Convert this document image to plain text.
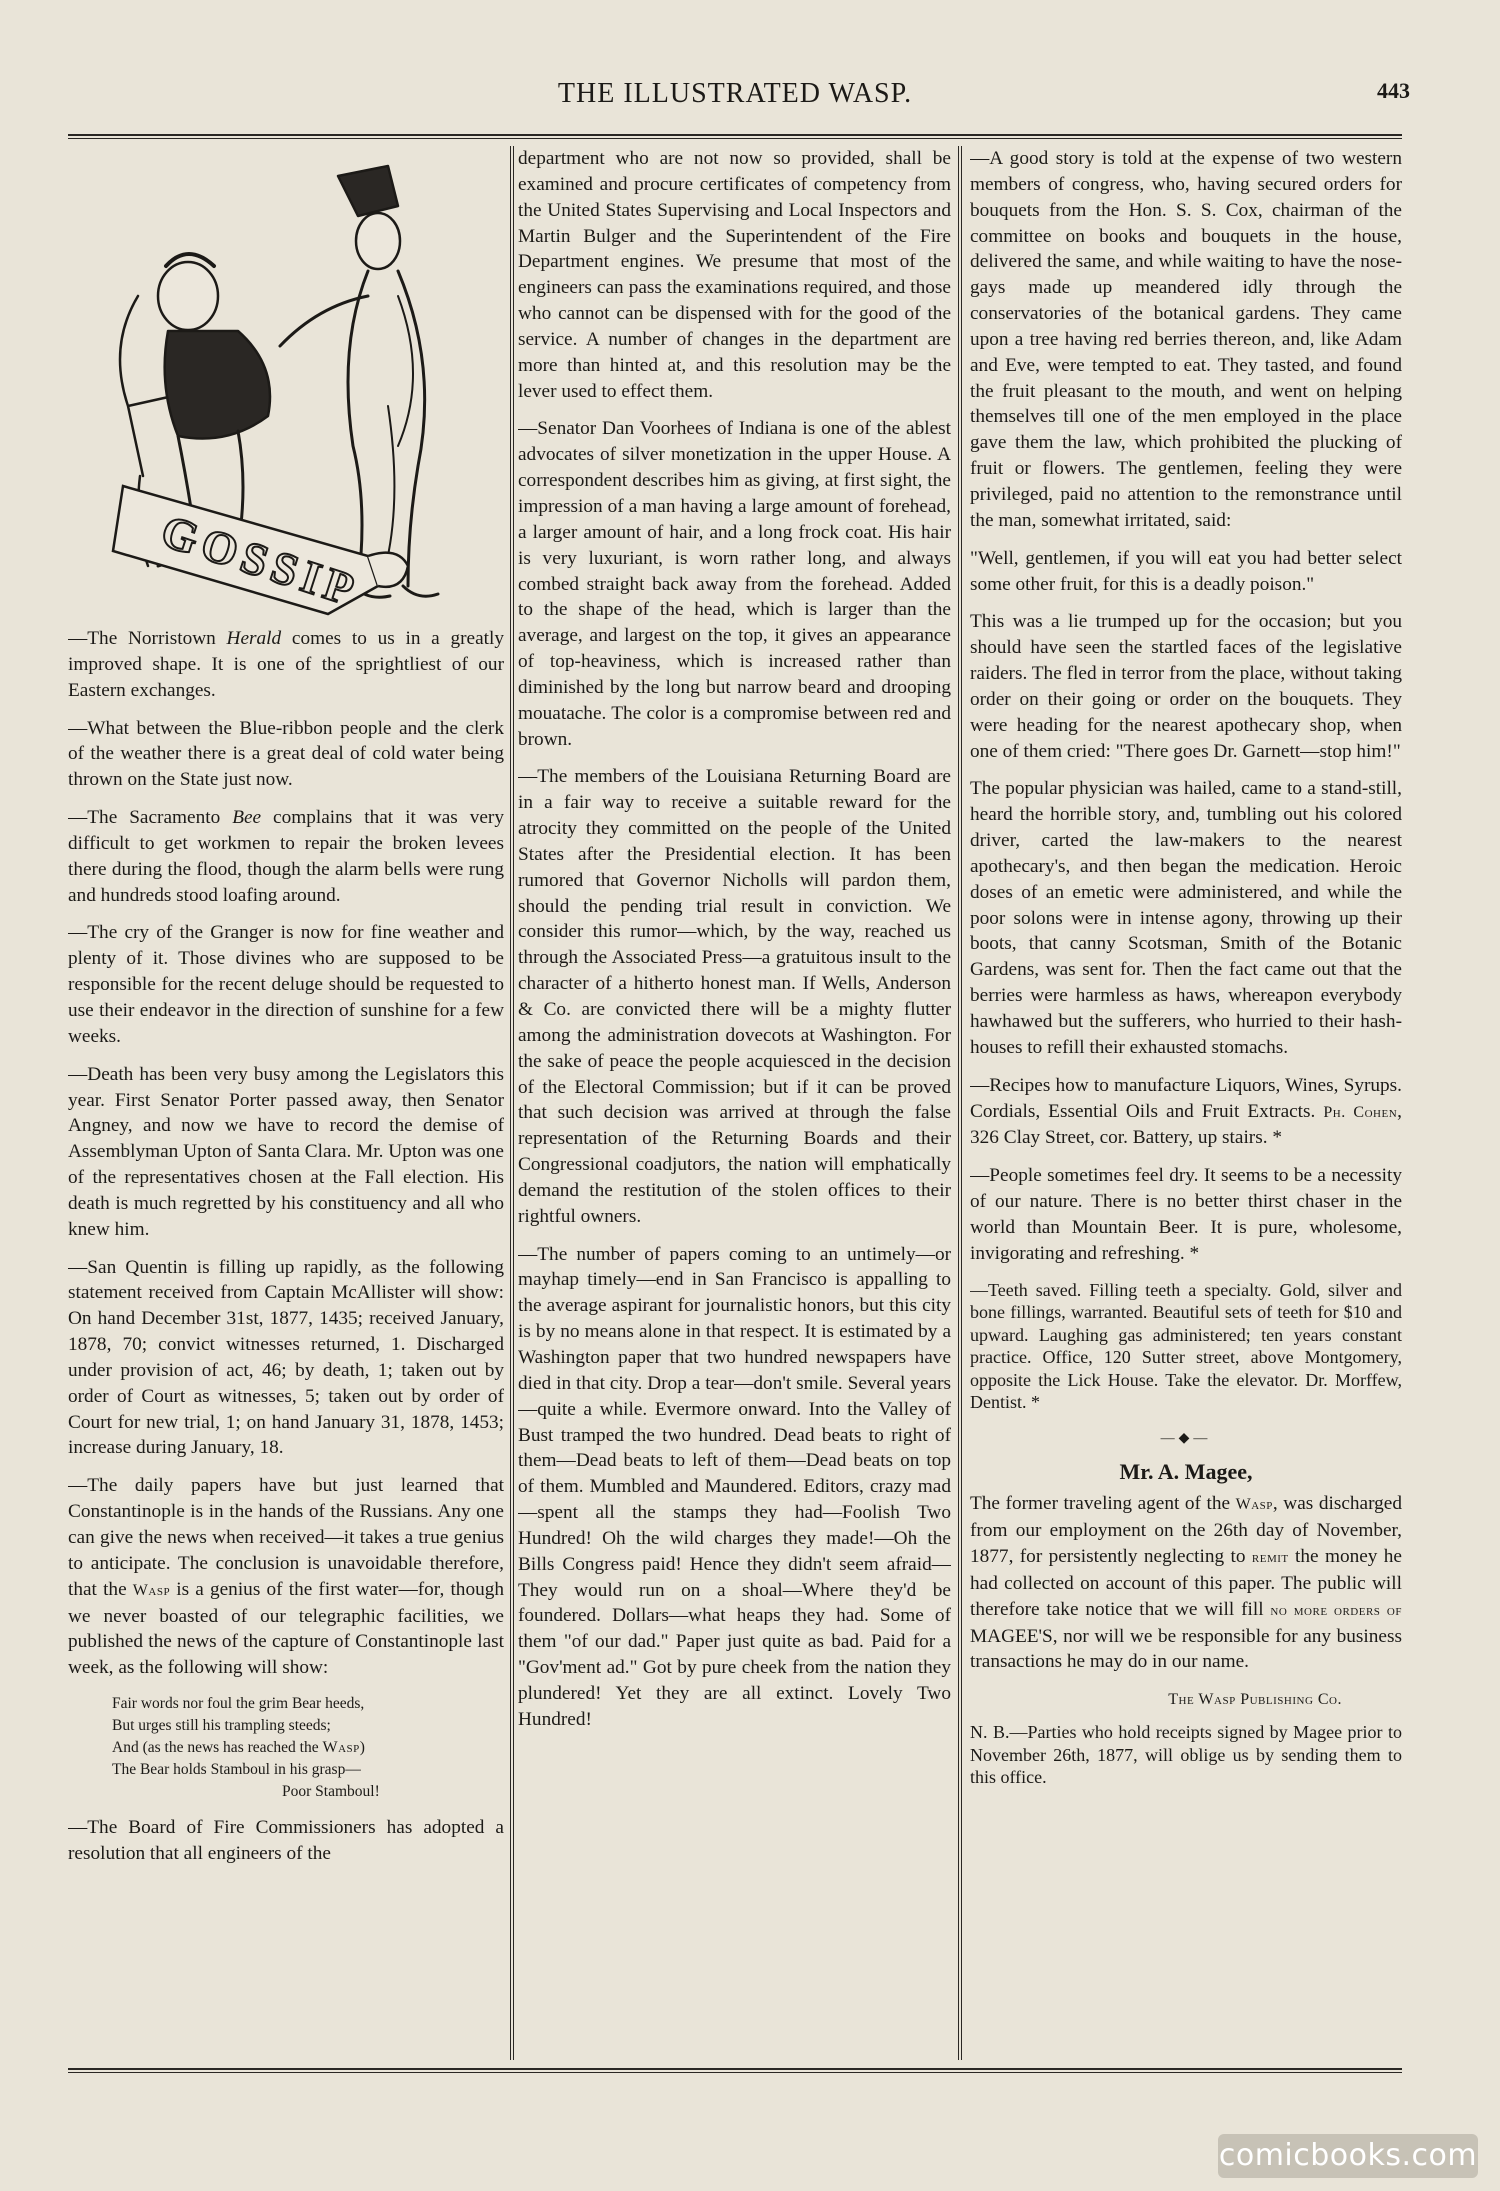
THE ILLUSTRATED WASP.	443
GOSSIP

—The Norristown Herald comes to us in a greatly improved shape. It is one of the sprightliest of our Eastern exchanges.

—What between the Blue-ribbon people and the clerk of the weather there is a great deal of cold water being thrown on the State just now.

—The Sacramento Bee complains that it was very difficult to get workmen to repair the broken levees there during the flood, though the alarm bells were rung and hundreds stood loafing around.

—The cry of the Granger is now for fine weather and plenty of it. Those divines who are supposed to be responsible for the recent deluge should be requested to use their endeavor in the direction of sunshine for a few weeks.

—Death has been very busy among the Legislators this year. First Senator Porter passed away, then Senator Angney, and now we have to record the demise of Assemblyman Upton of Santa Clara. Mr. Upton was one of the representatives chosen at the Fall election. His death is much regretted by his constituency and all who knew him.

—San Quentin is filling up rapidly, as the following statement received from Captain McAllister will show: On hand December 31st, 1877, 1435; received January, 1878, 70; convict witnesses returned, 1. Discharged under provision of act, 46; by death, 1; taken out by order of Court as witnesses, 5; taken out by order of Court for new trial, 1; on hand January 31, 1878, 1453; increase during January, 18.

—The daily papers have but just learned that Constantinople is in the hands of the Russians. Any one can give the news when received—it takes a true genius to anticipate. The conclusion is unavoidable therefore, that the Wasp is a genius of the first water—for, though we never boasted of our telegraphic facilities, we published the news of the capture of Constantinople last week, as the following will show:

Fair words nor foul the grim Bear heeds,
But urges still his trampling steeds;
And (as the news has reached the Wasp)
The Bear holds Stamboul in his grasp—
Poor Stamboul!

—The Board of Fire Commissioners has adopted a resolution that all engineers of the

department who are not now so provided, shall be examined and procure certificates of competency from the United States Supervising and Local Inspectors and Martin Bulger and the Superintendent of the Fire Department engines. We presume that most of the engineers can pass the examinations required, and those who cannot can be dispensed with for the good of the service. A number of changes in the department are more than hinted at, and this resolution may be the lever used to effect them.

—Senator Dan Voorhees of Indiana is one of the ablest advocates of silver monetization in the upper House. A correspondent describes him as giving, at first sight, the impression of a man having a large amount of forehead, a larger amount of hair, and a long frock coat. His hair is very luxuriant, is worn rather long, and always combed straight back away from the forehead. Added to the shape of the head, which is larger than the average, and largest on the top, it gives an appearance of top-heaviness, which is increased rather than diminished by the long but narrow beard and drooping mouatache. The color is a compromise between red and brown.

—The members of the Louisiana Returning Board are in a fair way to receive a suitable reward for the atrocity they committed on the people of the United States after the Presidential election. It has been rumored that Governor Nicholls will pardon them, should the pending trial result in conviction. We consider this rumor—which, by the way, reached us through the Associated Press—a gratuitous insult to the character of a hitherto honest man. If Wells, Anderson & Co. are convicted there will be a mighty flutter among the administration dovecots at Washington. For the sake of peace the people acquiesced in the decision of the Electoral Commission; but if it can be proved that such decision was arrived at through the false representation of the Returning Boards and their Congressional coadjutors, the nation will emphatically demand the restitution of the stolen offices to their rightful owners.

—The number of papers coming to an untimely—or mayhap timely—end in San Francisco is appalling to the average aspirant for journalistic honors, but this city is by no means alone in that respect. It is estimated by a Washington paper that two hundred newspapers have died in that city. Drop a tear—don't smile. Several years—quite a while. Evermore onward. Into the Valley of Bust tramped the two hundred. Dead beats to right of them—Dead beats to left of them—Dead beats on top of them. Mumbled and Maundered. Editors, crazy mad—spent all the stamps they had—Foolish Two Hundred! Oh the wild charges they made!—Oh the Bills Congress paid! Hence they didn't seem afraid—They would run on a shoal—Where they'd be foundered. Dollars—what heaps they had. Some of them "of our dad." Paper just quite as bad. Paid for a "Gov'ment ad." Got by pure cheek from the nation they plundered! Yet they are all extinct. Lovely Two Hundred!

—A good story is told at the expense of two western members of congress, who, having secured orders for bouquets from the Hon. S. S. Cox, chairman of the committee on books and bouquets in the house, delivered the same, and while waiting to have the nose-gays made up meandered idly through the conservatories of the botanical gardens. They came upon a tree having red berries thereon, and, like Adam and Eve, were tempted to eat. They tasted, and found the fruit pleasant to the mouth, and went on helping themselves till one of the men employed in the place gave them the law, which prohibited the plucking of fruit or flowers. The gentlemen, feeling they were privileged, paid no attention to the remonstrance until the man, somewhat irritated, said:

"Well, gentlemen, if you will eat you had better select some other fruit, for this is a deadly poison."

This was a lie trumped up for the occasion; but you should have seen the startled faces of the legislative raiders. The fled in terror from the place, without taking order on their going or order on the bouquets. They were heading for the nearest apothecary shop, when one of them cried: "There goes Dr. Garnett—stop him!"

The popular physician was hailed, came to a stand-still, heard the horrible story, and, tumbling out his colored driver, carted the law-makers to the nearest apothecary's, and then began the medication. Heroic doses of an emetic were administered, and while the poor solons were in intense agony, throwing up their boots, that canny Scotsman, Smith of the Botanic Gardens, was sent for. Then the fact came out that the berries were harmless as haws, whereapon everybody hawhawed but the sufferers, who hurried to their hash-houses to refill their exhausted stomachs.

—Recipes how to manufacture Liquors, Wines, Syrups. Cordials, Essential Oils and Fruit Extracts. Ph. Cohen, 326 Clay Street, cor. Battery, up stairs. *

—People sometimes feel dry. It seems to be a necessity of our nature. There is no better thirst chaser in the world than Mountain Beer. It is pure, wholesome, invigorating and refreshing. *

—Teeth saved. Filling teeth a specialty. Gold, silver and bone fillings, warranted. Beautiful sets of teeth for $10 and upward. Laughing gas administered; ten years constant practice. Office, 120 Sutter street, above Montgomery, opposite the Lick House. Take the elevator. Dr. Morffew, Dentist. *

—◆—
Mr. A. Magee,

The former traveling agent of the Wasp, was discharged from our employment on the 26th day of November, 1877, for persistently neglecting to remit the money he had collected on account of this paper. The public will therefore take notice that we will fill no more orders of MAGEE'S, nor will we be responsible for any business transactions he may do in our name.

The Wasp Publishing Co.

N. B.—Parties who hold receipts signed by Magee prior to November 26th, 1877, will oblige us by sending them to this office.

comicbooks.com
